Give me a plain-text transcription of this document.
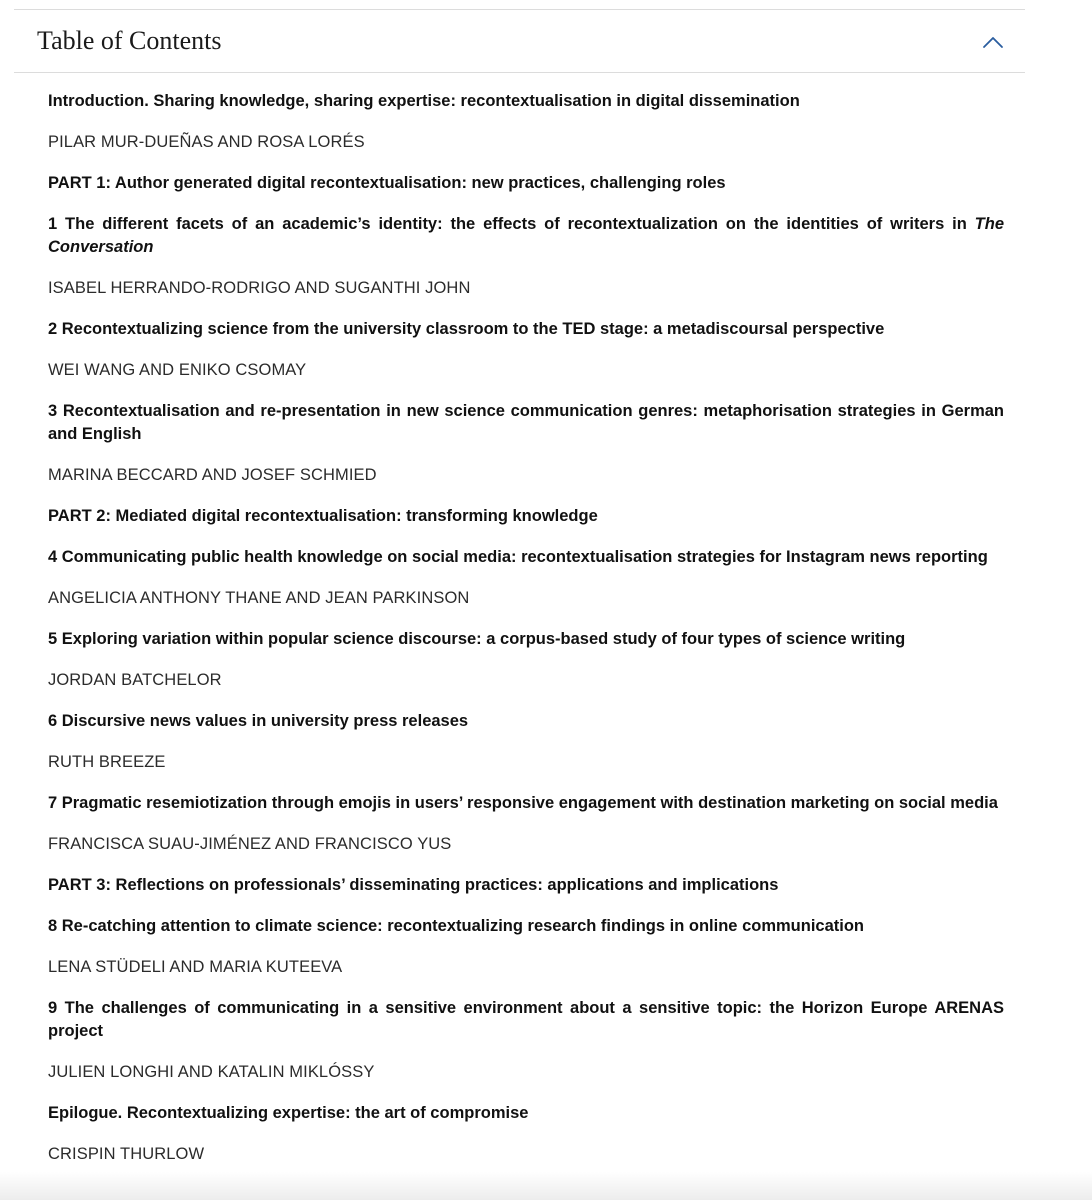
Table of Contents
Introduction. Sharing knowledge, sharing expertise: recontextualisation in digital dissemination
PILAR MUR-DUEÑAS AND ROSA LORÉS
PART 1: Author generated digital recontextualisation: new practices, challenging roles
1 The different facets of an academic’s identity: the effects of recontextualization on the identities of writers in The Conversation
ISABEL HERRANDO-RODRIGO AND SUGANTHI JOHN
2 Recontextualizing science from the university classroom to the TED stage: a metadiscoursal perspective
WEI WANG AND ENIKO CSOMAY
3 Recontextualisation and re-presentation in new science communication genres: metaphorisation strategies in German and English
MARINA BECCARD AND JOSEF SCHMIED
PART 2: Mediated digital recontextualisation: transforming knowledge
4 Communicating public health knowledge on social media: recontextualisation strategies for Instagram news reporting
ANGELICIA ANTHONY THANE AND JEAN PARKINSON
5 Exploring variation within popular science discourse: a corpus-based study of four types of science writing
JORDAN BATCHELOR
6 Discursive news values in university press releases
RUTH BREEZE
7 Pragmatic resemiotization through emojis in users’ responsive engagement with destination marketing on social media
FRANCISCA SUAU-JIMÉNEZ AND FRANCISCO YUS
PART 3: Reflections on professionals’ disseminating practices: applications and implications
8 Re-catching attention to climate science: recontextualizing research findings in online communication
LENA STÜDELI AND MARIA KUTEEVA
9 The challenges of communicating in a sensitive environment about a sensitive topic: the Horizon Europe ARENAS project
JULIEN LONGHI AND KATALIN MIKLÓSSY
Epilogue. Recontextualizing expertise: the art of compromise
CRISPIN THURLOW
